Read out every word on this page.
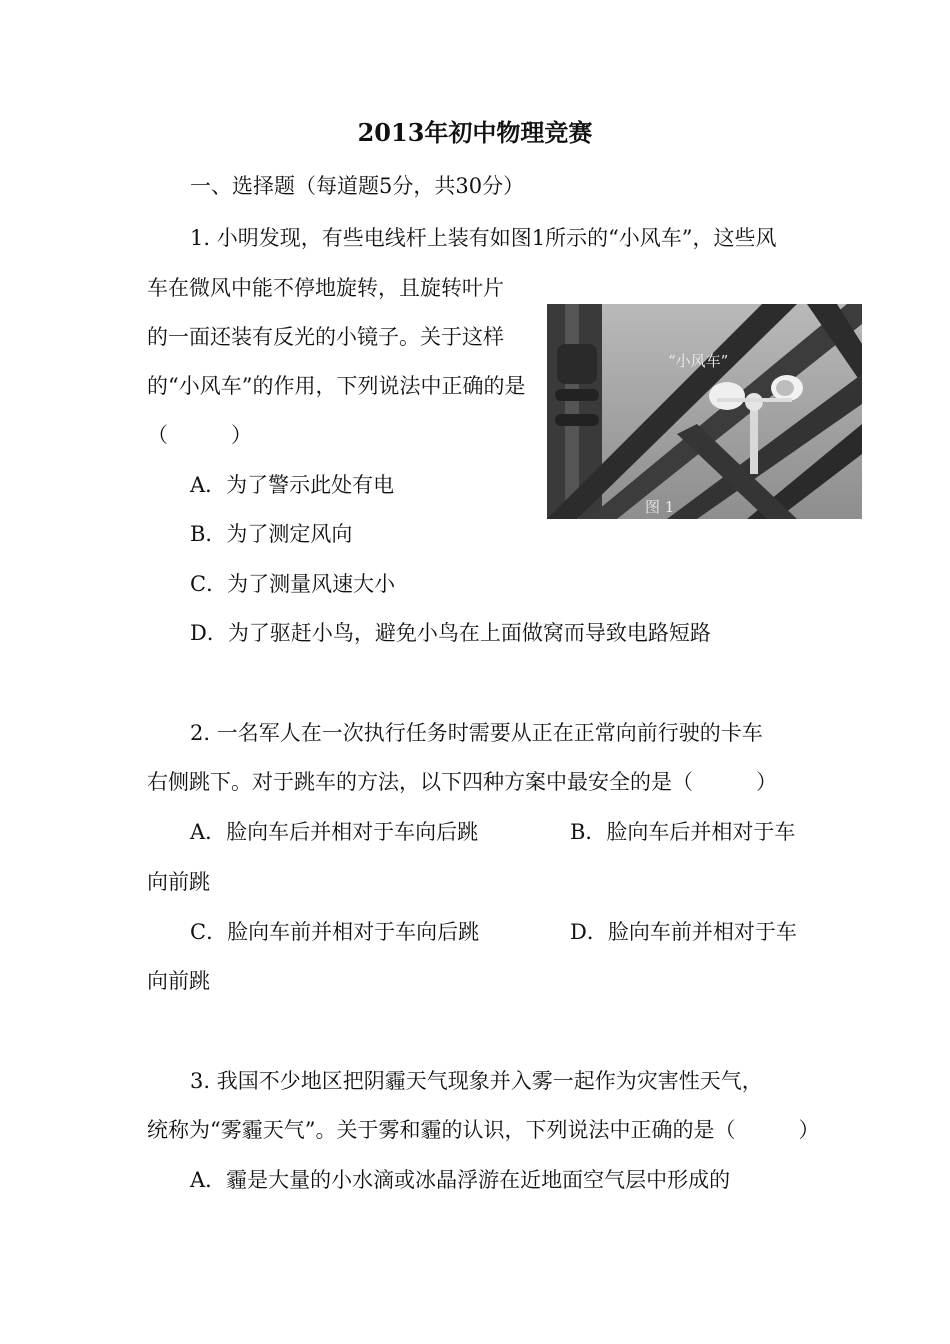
2013年初中物理竞赛
一、选择题（每道题5分，共30分）
1. 小明发现，有些电线杆上装有如图1所示的“小风车”，这些风
车在微风中能不停地旋转，且旋转叶片
的一面还装有反光的小镜子。关于这样
的“小风车”的作用，下列说法中正确的是
（　　　）
A．为了警示此处有电
B．为了测定风向
C．为了测量风速大小
D．为了驱赶小鸟，避免小鸟在上面做窝而导致电路短路
“小风车”
图 1
2. 一名军人在一次执行任务时需要从正在正常向前行驶的卡车
右侧跳下。对于跳车的方法，以下四种方案中最安全的是（　　　）
A．脸向车后并相对于车向后跳	B．脸向车后并相对于车
向前跳
C．脸向车前并相对于车向后跳	D．脸向车前并相对于车
向前跳
3. 我国不少地区把阴霾天气现象并入雾一起作为灾害性天气，
统称为“雾霾天气”。关于雾和霾的认识，下列说法中正确的是（　　　）
A．霾是大量的小水滴或冰晶浮游在近地面空气层中形成的
